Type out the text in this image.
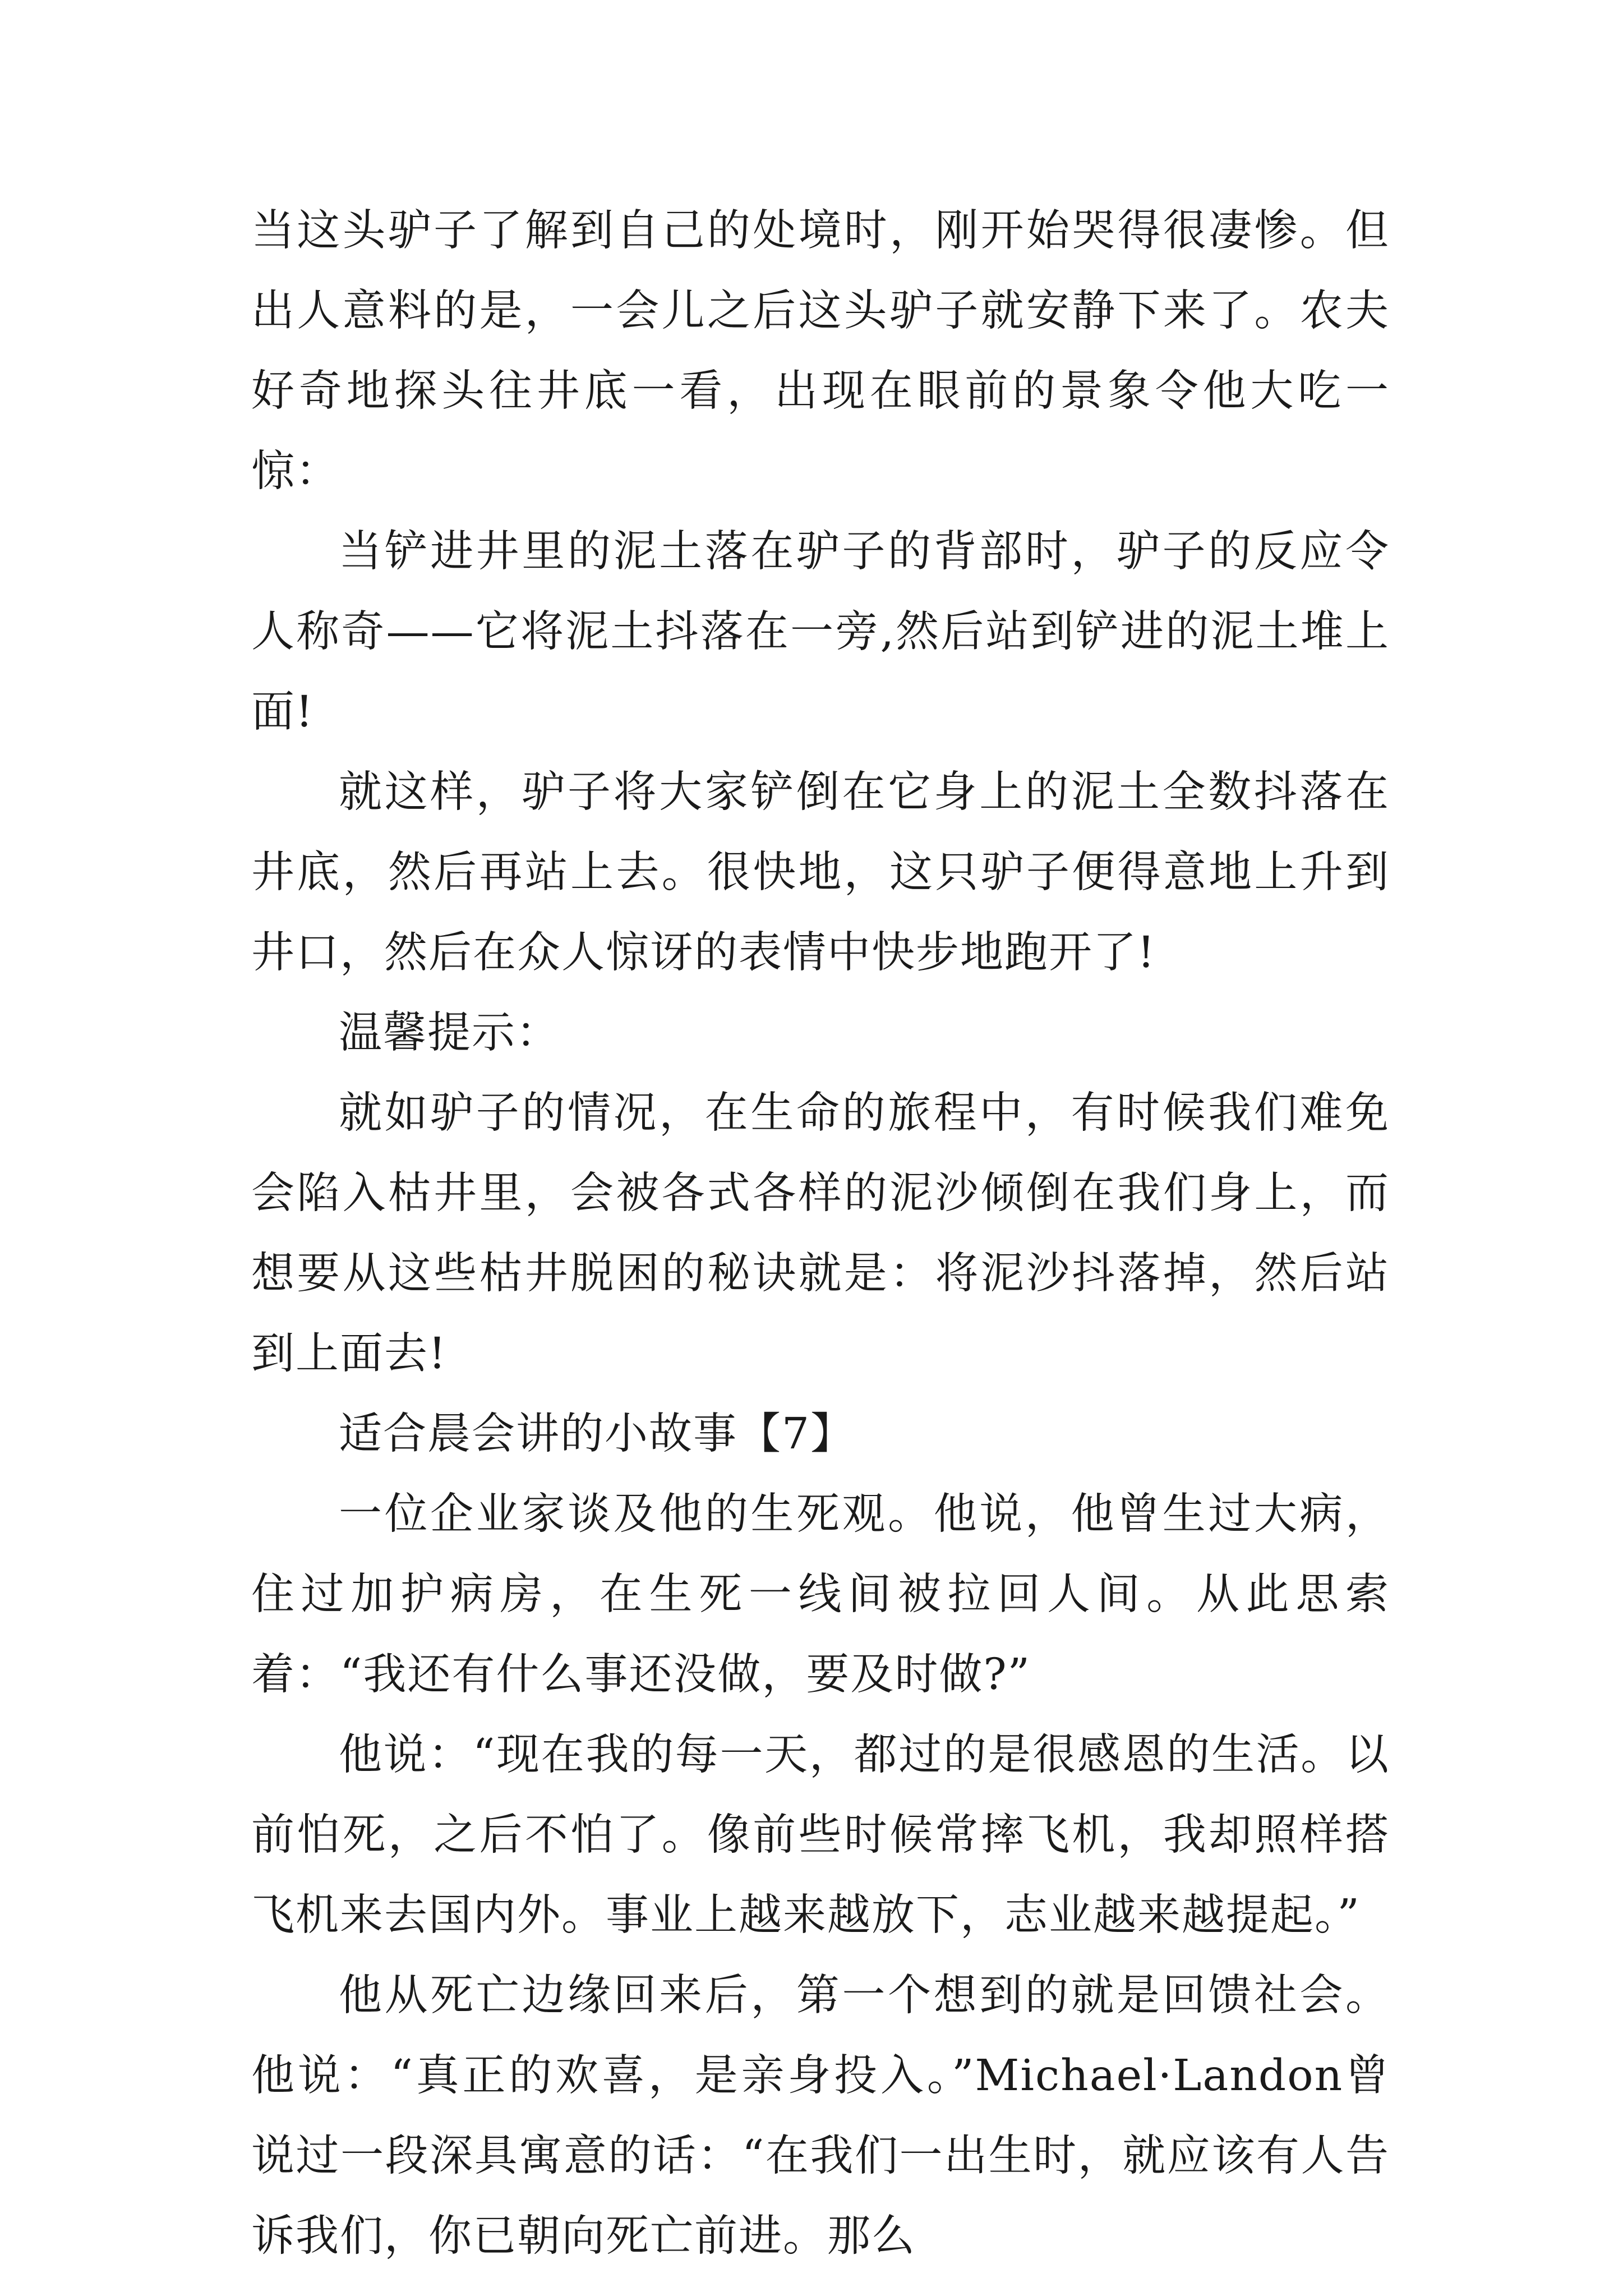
当这头驴子了解到自己的处境时，刚开始哭得很凄惨。但出人意料的是，一会儿之后这头驴子就安静下来了。农夫好奇地探头往井底一看，出现在眼前的景象令他大吃一惊：

当铲进井里的泥土落在驴子的背部时，驴子的反应令人称奇——它将泥土抖落在一旁,然后站到铲进的泥土堆上面!

就这样，驴子将大家铲倒在它身上的泥土全数抖落在井底，然后再站上去。很快地，这只驴子便得意地上升到井口，然后在众人惊讶的表情中快步地跑开了!

温馨提示：

就如驴子的情况，在生命的旅程中，有时候我们难免会陷入枯井里，会被各式各样的泥沙倾倒在我们身上，而想要从这些枯井脱困的秘诀就是：将泥沙抖落掉，然后站到上面去!

适合晨会讲的小故事【7】

一位企业家谈及他的生死观。他说，他曾生过大病，住过加护病房，在生死一线间被拉回人间。从此思索着：“我还有什么事还没做，要及时做?”

他说：“现在我的每一天，都过的是很感恩的生活。以前怕死，之后不怕了。像前些时候常摔飞机，我却照样搭飞机来去国内外。事业上越来越放下，志业越来越提起。”

他从死亡边缘回来后，第一个想到的就是回馈社会。他说：“真正的欢喜，是亲身投入。”Michael·Landon曾说过一段深具寓意的话：“在我们一出生时，就应该有人告诉我们，你已朝向死亡前进。那么
